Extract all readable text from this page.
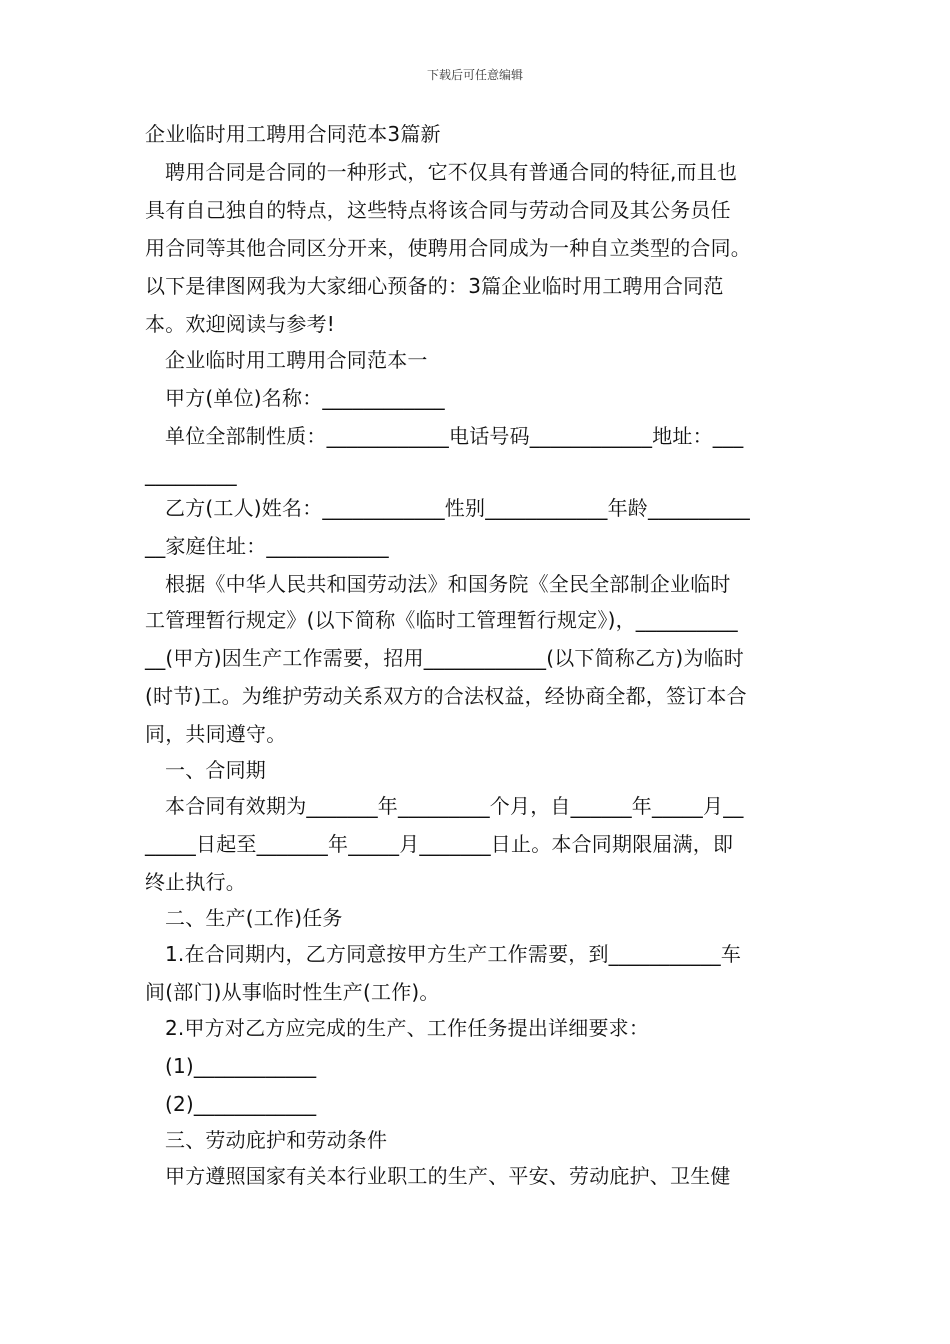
下载后可任意编辑
企业临时用工聘用合同范本3篇新
聘用合同是合同的一种形式，它不仅具有普通合同的特征,而且也
具有自己独自的特点，这些特点将该合同与劳动合同及其公务员任
用合同等其他合同区分开来，使聘用合同成为一种自立类型的合同。
以下是律图网我为大家细心预备的：3篇企业临时用工聘用合同范
本。欢迎阅读与参考!
企业临时用工聘用合同范本一
甲方(单位)名称：____________
单位全部制性质：____________电话号码____________地址：___
_________
乙方(工人)姓名：____________性别____________年龄__________
__家庭住址：____________
根据《中华人民共和国劳动法》和国务院《全民全部制企业临时
工管理暂行规定》(以下简称《临时工管理暂行规定》)，__________
__(甲方)因生产工作需要，招用____________(以下简称乙方)为临时
(时节)工。为维护劳动关系双方的合法权益，经协商全都，签订本合
同，共同遵守。
一、合同期
本合同有效期为_______年_________个月，自______年_____月__
_____日起至_______年_____月_______日止。本合同期限届满，即
终止执行。
二、生产(工作)任务
1.在合同期内，乙方同意按甲方生产工作需要，到___________车
间(部门)从事临时性生产(工作)。
2.甲方对乙方应完成的生产、工作任务提出详细要求：
(1)____________
(2)____________
三、劳动庇护和劳动条件
甲方遵照国家有关本行业职工的生产、平安、劳动庇护、卫生健
